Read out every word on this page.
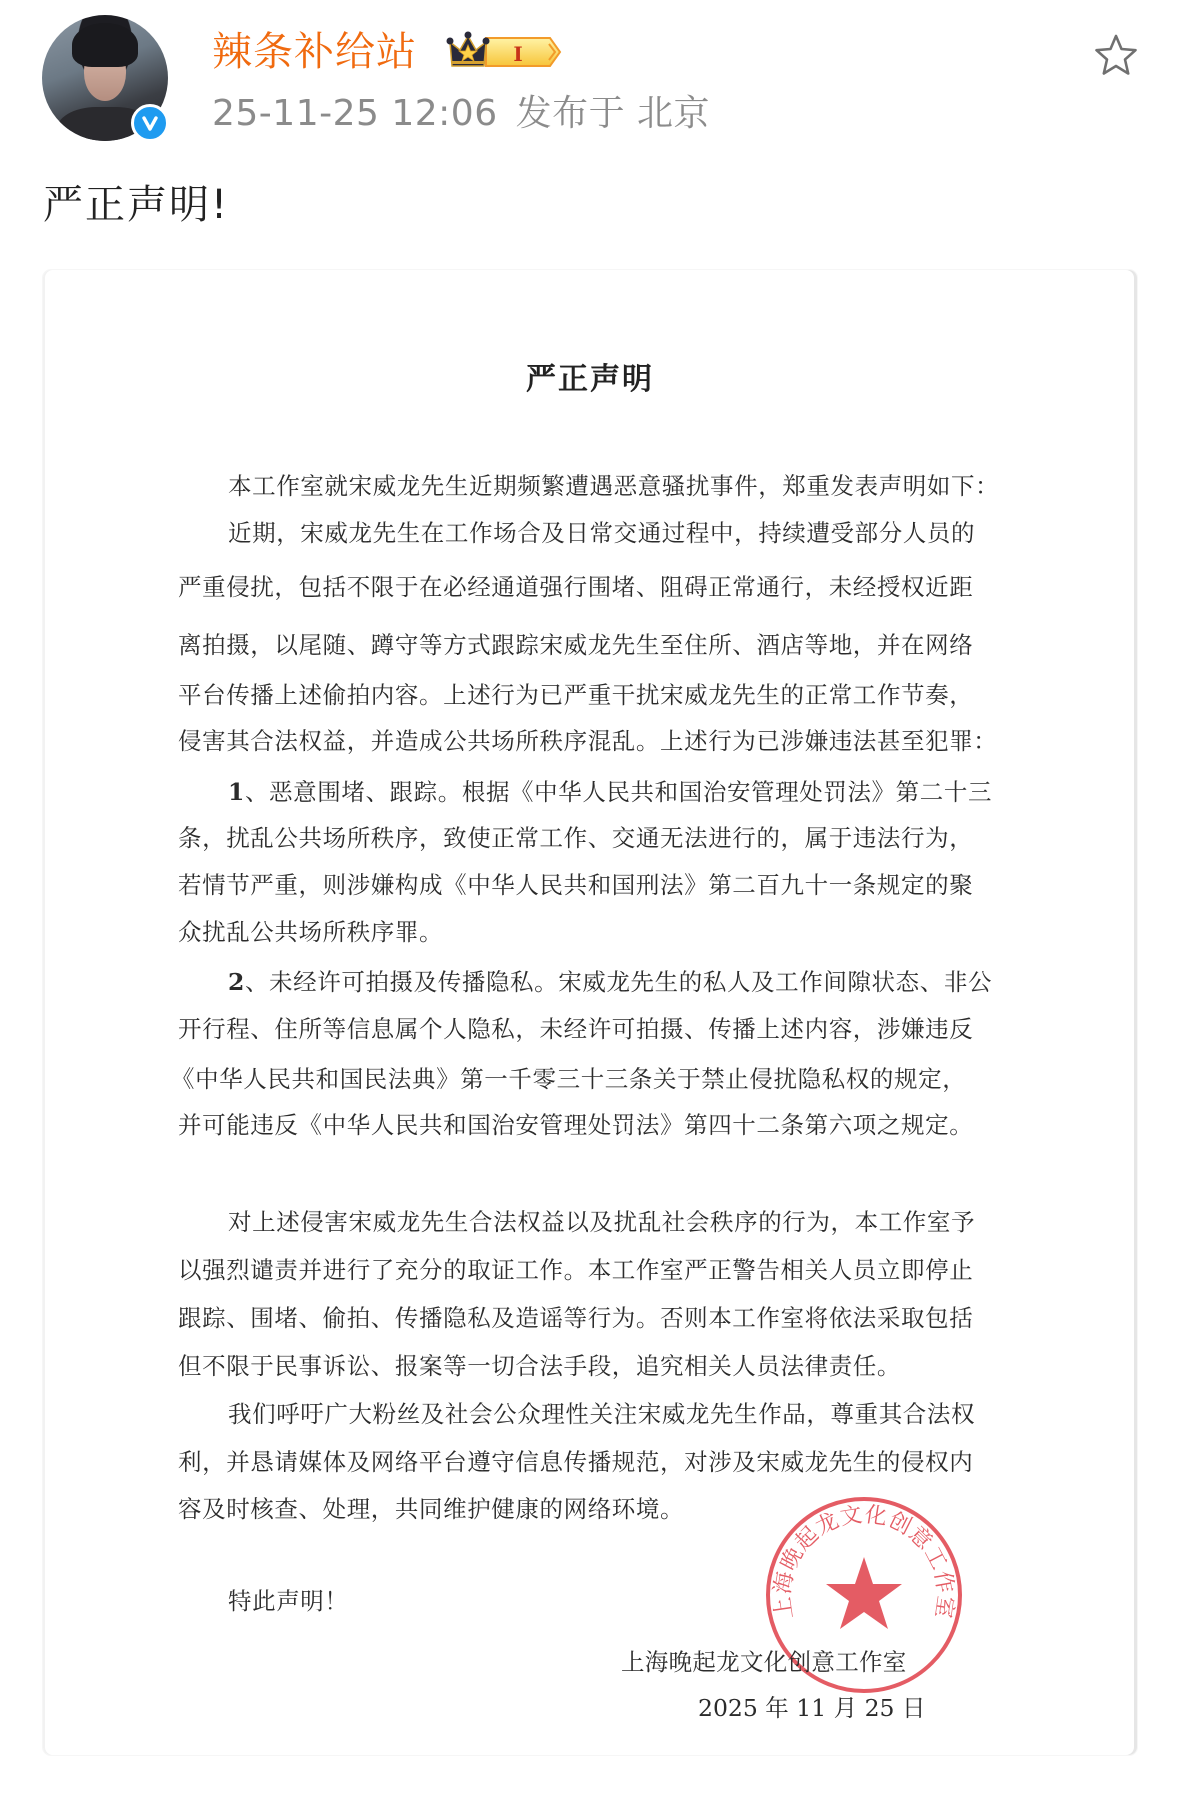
辣条补给站	I
25-11-25 12:06 发布于 北京
严正声明!
严正声明
本工作室就宋威龙先生近期频繁遭遇恶意骚扰事件，郑重发表声明如下：
近期，宋威龙先生在工作场合及日常交通过程中，持续遭受部分人员的
严重侵扰，包括不限于在必经通道强行围堵、阻碍正常通行，未经授权近距
离拍摄，以尾随、蹲守等方式跟踪宋威龙先生至住所、酒店等地，并在网络
平台传播上述偷拍内容。上述行为已严重干扰宋威龙先生的正常工作节奏，
侵害其合法权益，并造成公共场所秩序混乱。上述行为已涉嫌违法甚至犯罪：
1、恶意围堵、跟踪。根据《中华人民共和国治安管理处罚法》第二十三
条，扰乱公共场所秩序，致使正常工作、交通无法进行的，属于违法行为，
若情节严重，则涉嫌构成《中华人民共和国刑法》第二百九十一条规定的聚
众扰乱公共场所秩序罪。
2、未经许可拍摄及传播隐私。宋威龙先生的私人及工作间隙状态、非公
开行程、住所等信息属个人隐私，未经许可拍摄、传播上述内容，涉嫌违反
《中华人民共和国民法典》第一千零三十三条关于禁止侵扰隐私权的规定，
并可能违反《中华人民共和国治安管理处罚法》第四十二条第六项之规定。
对上述侵害宋威龙先生合法权益以及扰乱社会秩序的行为，本工作室予
以强烈谴责并进行了充分的取证工作。本工作室严正警告相关人员立即停止
跟踪、围堵、偷拍、传播隐私及造谣等行为。否则本工作室将依法采取包括
但不限于民事诉讼、报案等一切合法手段，追究相关人员法律责任。
我们呼吁广大粉丝及社会公众理性关注宋威龙先生作品，尊重其合法权
利，并恳请媒体及网络平台遵守信息传播规范，对涉及宋威龙先生的侵权内
容及时核查、处理，共同维护健康的网络环境。
特此声明！	上海晚起龙文化创意工作室
上海晚起龙文化创意工作室
2025 年 11 月 25 日
